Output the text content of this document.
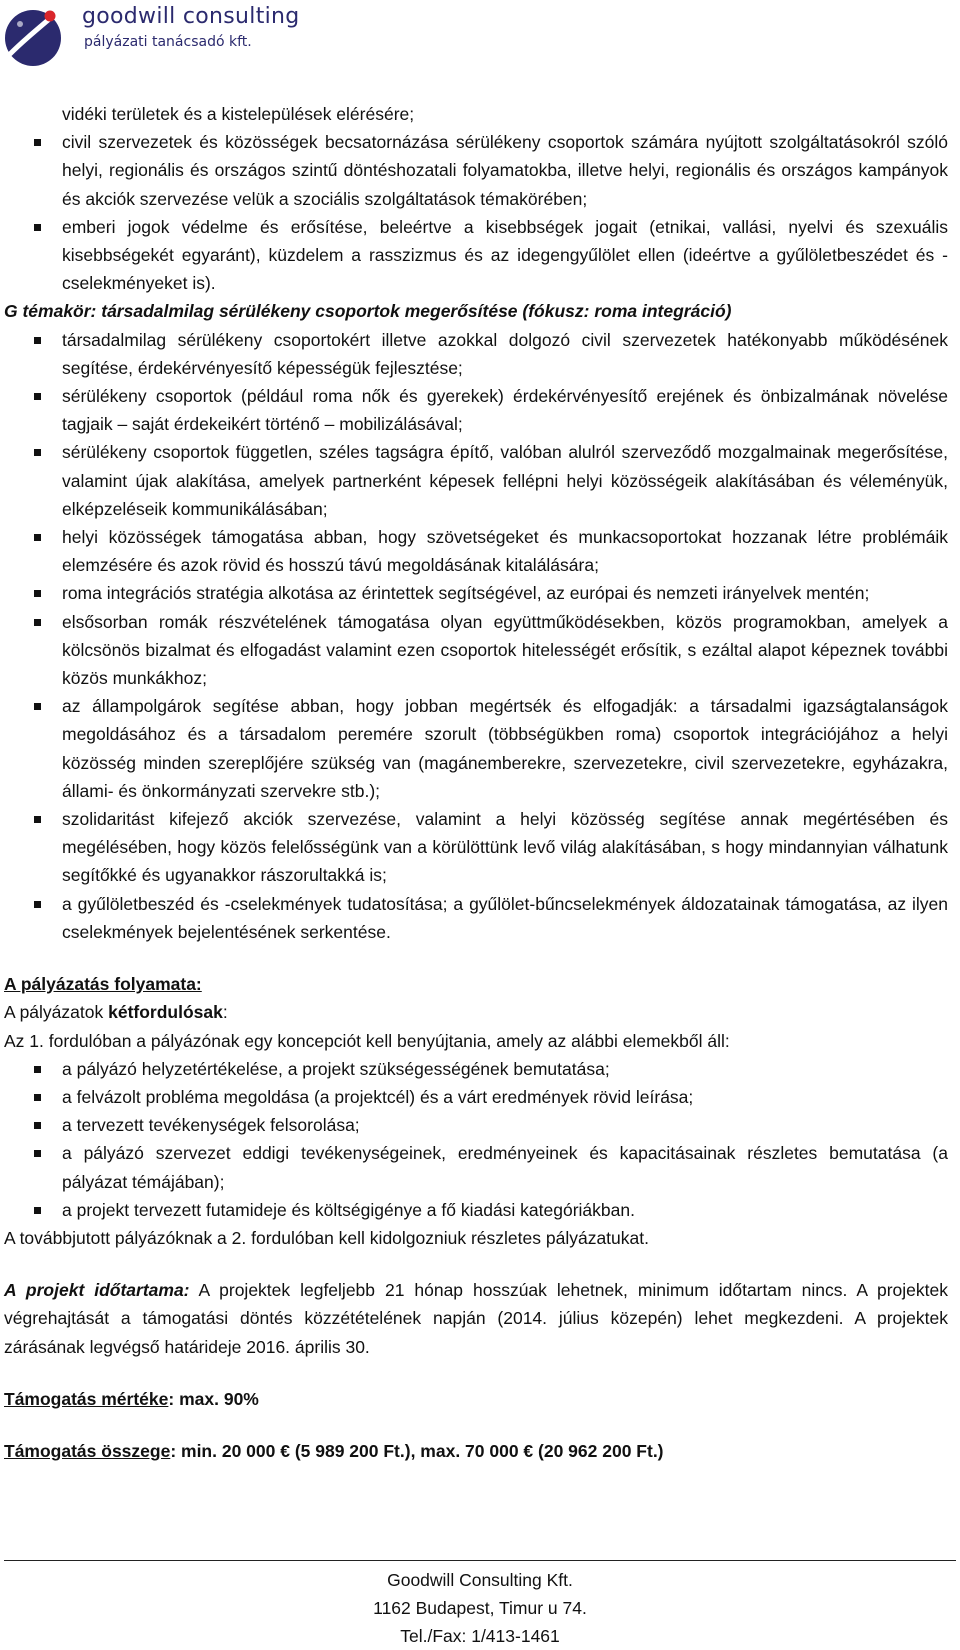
goodwill consulting
pályázati tanácsadó kft.
vidéki területek és a kistelepülések elérésére;
civil szervezetek és közösségek becsatornázása sérülékeny csoportok számára nyújtott szolgáltatásokról szóló helyi, regionális és országos szintű döntéshozatali folyamatokba, illetve helyi, regionális és országos kampányok és akciók szervezése velük a szociális szolgáltatások témakörében;
emberi jogok védelme és erősítése, beleértve a kisebbségek jogait (etnikai, vallási, nyelvi és szexuális kisebbségekét egyaránt), küzdelem a rasszizmus és az idegengyűlölet ellen (ideértve a gyűlöletbeszédet és -cselekményeket is).

G témakör: társadalmilag sérülékeny csoportok megerősítése (fókusz: roma integráció)

társadalmilag sérülékeny csoportokért illetve azokkal dolgozó civil szervezetek hatékonyabb működésének segítése, érdekérvényesítő képességük fejlesztése;
sérülékeny csoportok (például roma nők és gyerekek) érdekérvényesítő erejének és önbizalmának növelése tagjaik – saját érdekeikért történő – mobilizálásával;
sérülékeny csoportok független, széles tagságra építő, valóban alulról szerveződő mozgalmainak megerősítése, valamint újak alakítása, amelyek partnerként képesek fellépni helyi közösségeik alakításában és véleményük, elképzeléseik kommunikálásában;
helyi közösségek támogatása abban, hogy szövetségeket és munkacsoportokat hozzanak létre problémáik elemzésére és azok rövid és hosszú távú megoldásának kitalálására;
roma integrációs stratégia alkotása az érintettek segítségével, az európai és nemzeti irányelvek mentén;
elsősorban romák részvételének támogatása olyan együttműködésekben, közös programokban, amelyek a kölcsönös bizalmat és elfogadást valamint ezen csoportok hitelességét erősítik, s ezáltal alapot képeznek további közös munkákhoz;
az állampolgárok segítése abban, hogy jobban megértsék és elfogadják: a társadalmi igazságtalanságok megoldásához és a társadalom peremére szorult (többségükben roma) csoportok integrációjához a helyi közösség minden szereplőjére szükség van (magánemberekre, szervezetekre, civil szervezetekre, egyházakra, állami- és önkormányzati szervekre stb.);
szolidaritást kifejező akciók szervezése, valamint a helyi közösség segítése annak megértésében és megélésében, hogy közös felelősségünk van a körülöttünk levő világ alakításában, s hogy mindannyian válhatunk segítőkké és ugyanakkor rászorultakká is;
a gyűlöletbeszéd és -cselekmények tudatosítása; a gyűlölet-bűncselekmények áldozatainak támogatása, az ilyen cselekmények bejelentésének serkentése.

A pályázatás folyamata:

A pályázatok kétfordulósak:

Az 1. fordulóban a pályázónak egy koncepciót kell benyújtania, amely az alábbi elemekből áll:

a pályázó helyzetértékelése, a projekt szükségességének bemutatása;
a felvázolt probléma megoldása (a projektcél) és a várt eredmények rövid leírása;
a tervezett tevékenységek felsorolása;
a pályázó szervezet eddigi tevékenységeinek, eredményeinek és kapacitásainak részletes bemutatása (a pályázat témájában);
a projekt tervezett futamideje és költségigénye a fő kiadási kategóriákban.

A továbbjutott pályázóknak a 2. fordulóban kell kidolgozniuk részletes pályázatukat.

A projekt időtartama: A projektek legfeljebb 21 hónap hosszúak lehetnek, minimum időtartam nincs. A projektek végrehajtását a támogatási döntés közzétételének napján (2014. július közepén) lehet megkezdeni. A projektek zárásának legvégső határideje 2016. április 30.

Támogatás mértéke: max. 90%

Támogatás összege: min. 20 000 € (5 989 200 Ft.), max. 70 000 € (20 962 200 Ft.)

Goodwill Consulting Kft.
1162 Budapest, Timur u 74.
Tel./Fax: 1/413-1461
